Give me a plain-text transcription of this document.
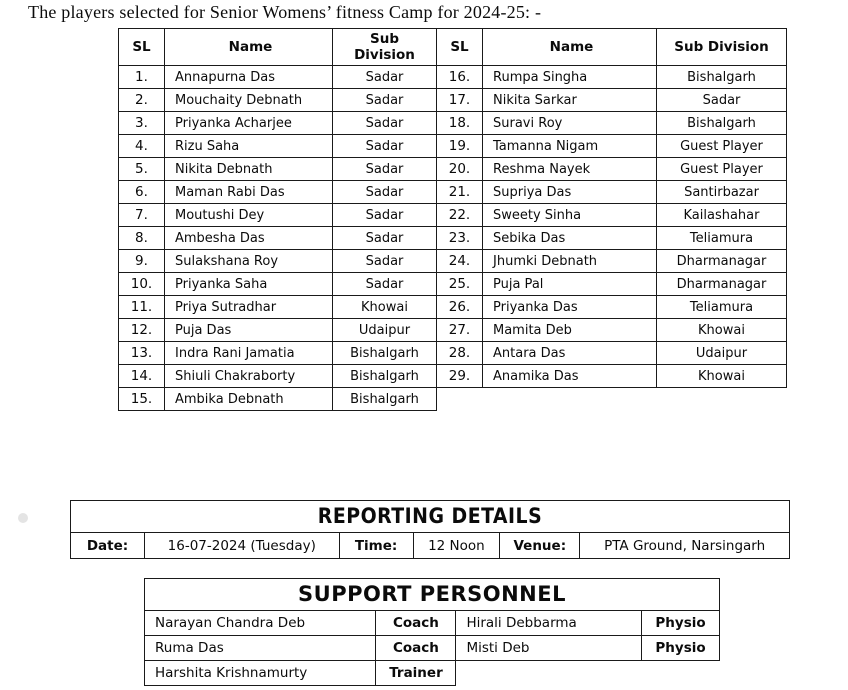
The players selected for Senior Womens’ fitness Camp for 2024-25: -
SL	Name	Sub Division	SL	Name	Sub Division
1.	Annapurna Das	Sadar	16.	Rumpa Singha	Bishalgarh
2.	Mouchaity Debnath	Sadar	17.	Nikita Sarkar	Sadar
3.	Priyanka Acharjee	Sadar	18.	Suravi Roy	Bishalgarh
4.	Rizu Saha	Sadar	19.	Tamanna Nigam	Guest Player
5.	Nikita Debnath	Sadar	20.	Reshma Nayek	Guest Player
6.	Maman Rabi Das	Sadar	21.	Supriya Das	Santirbazar
7.	Moutushi Dey	Sadar	22.	Sweety Sinha	Kailashahar
8.	Ambesha Das	Sadar	23.	Sebika Das	Teliamura
9.	Sulakshana Roy	Sadar	24.	Jhumki Debnath	Dharmanagar
10.	Priyanka Saha	Sadar	25.	Puja Pal	Dharmanagar
11.	Priya Sutradhar	Khowai	26.	Priyanka Das	Teliamura
12.	Puja Das	Udaipur	27.	Mamita Deb	Khowai
13.	Indra Rani Jamatia	Bishalgarh	28.	Antara Das	Udaipur
14.	Shiuli Chakraborty	Bishalgarh	29.	Anamika Das	Khowai
15.	Ambika Debnath	Bishalgarh			
REPORTING DETAILS
Date:	16-07-2024 (Tuesday)	Time:	12 Noon	Venue:	PTA Ground, Narsingarh
SUPPORT PERSONNEL			
Narayan Chandra Deb	Coach	Hirali Debbarma	Physio
Ruma Das	Coach	Misti Deb	Physio
Harshita Krishnamurty	Trainer		
